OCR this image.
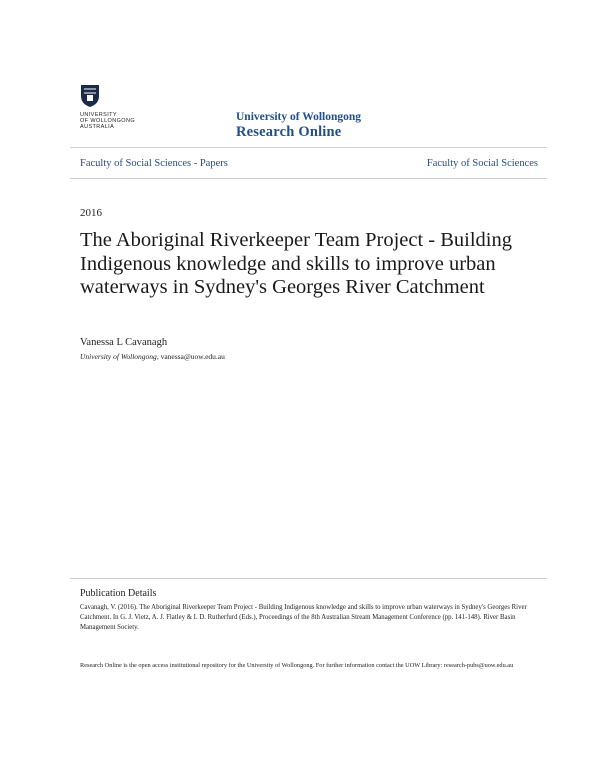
UNIVERSITY
OF WOLLONGONG
AUSTRALIA
University of Wollongong
Research Online
Faculty of Social Sciences - Papers	Faculty of Social Sciences
2016
The Aboriginal Riverkeeper Team Project - Building Indigenous knowledge and skills to improve urban waterways in Sydney's Georges River Catchment
Vanessa L Cavanagh
University of Wollongong, vanessa@uow.edu.au
Publication Details
Cavanagh, V. (2016). The Aboriginal Riverkeeper Team Project - Building Indigenous knowledge and skills to improve urban waterways in Sydney's Georges River Catchment. In G. J. Vietz, A. J. Flatley & I. D. Rutherfurd (Eds.), Proceedings of the 8th Australian Stream Management Conference (pp. 141-148). River Basin Management Society.
Research Online is the open access institutional repository for the University of Wollongong. For further information contact the UOW Library: research-pubs@uow.edu.au
